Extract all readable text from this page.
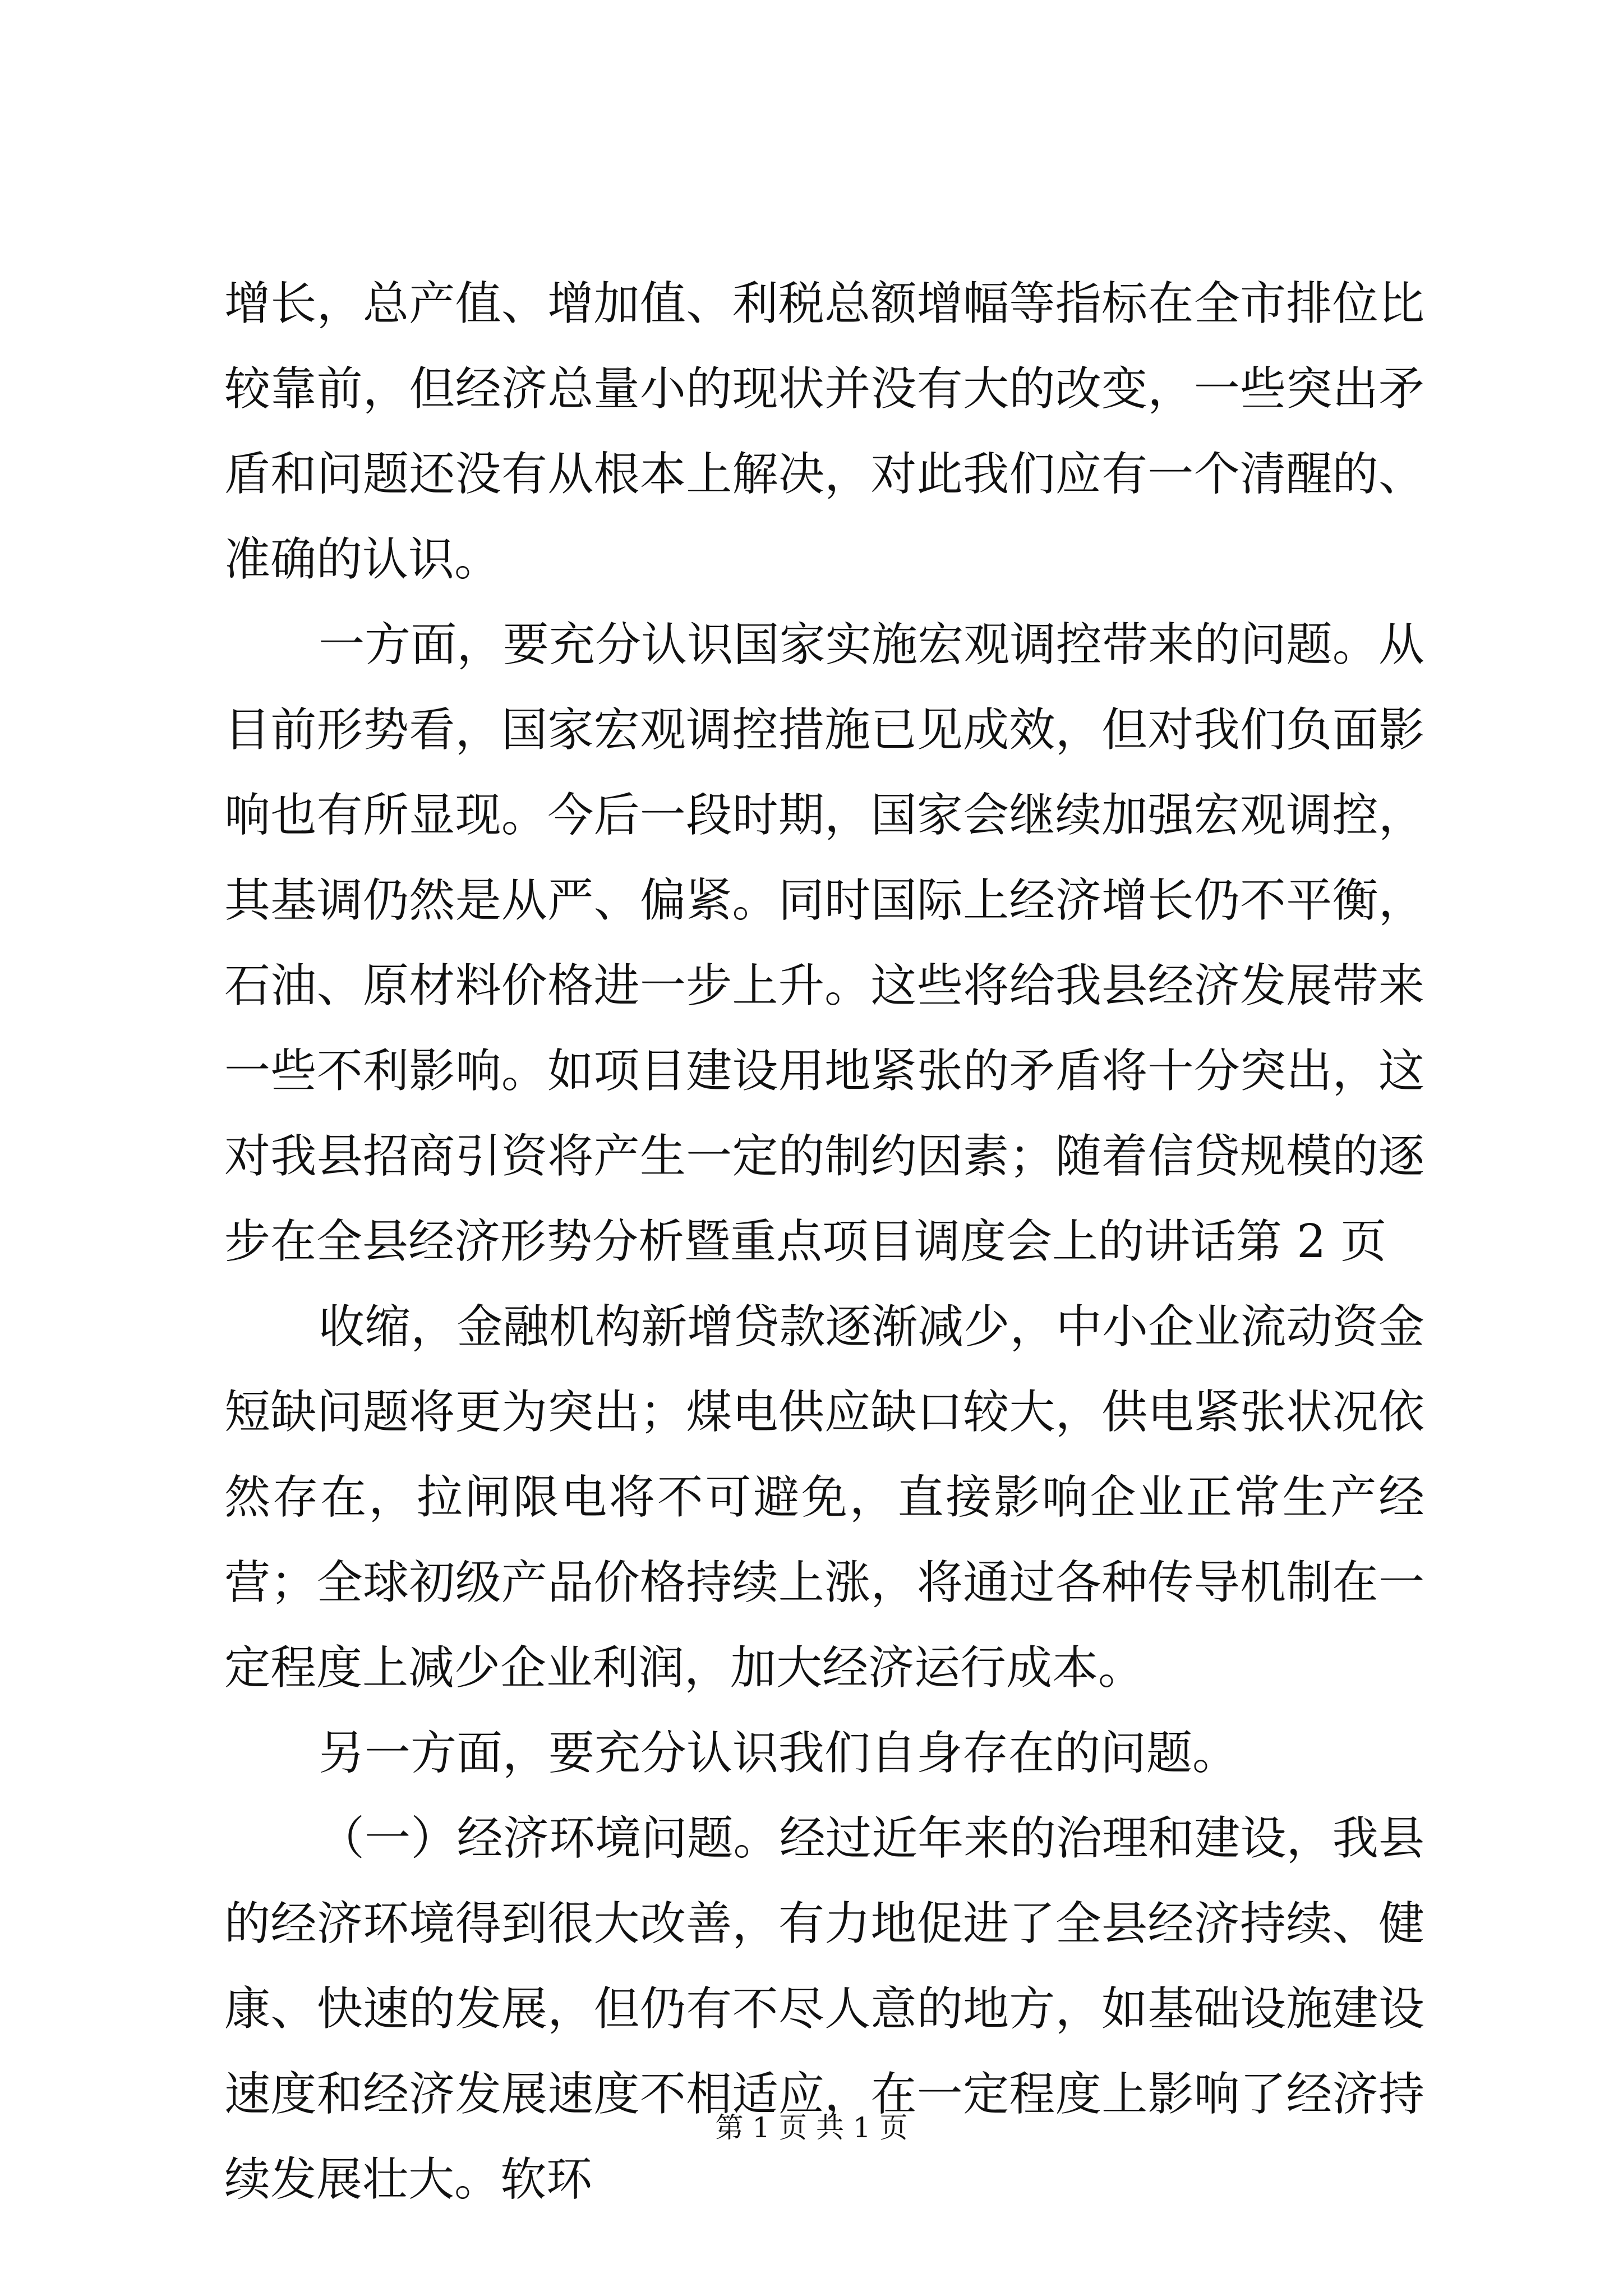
增长，总产值、增加值、利税总额增幅等指标在全市排位比较靠前，但经济总量小的现状并没有大的改变，一些突出矛盾和问题还没有从根本上解决，对此我们应有一个清醒的、准确的认识。

一方面，要充分认识国家实施宏观调控带来的问题。从目前形势看，国家宏观调控措施已见成效，但对我们负面影响也有所显现。今后一段时期，国家会继续加强宏观调控，其基调仍然是从严、偏紧。同时国际上经济增长仍不平衡，石油、原材料价格进一步上升。这些将给我县经济发展带来一些不利影响。如项目建设用地紧张的矛盾将十分突出，这对我县招商引资将产生一定的制约因素；随着信贷规模的逐步在全县经济形势分析暨重点项目调度会上的讲话第 2 页

收缩，金融机构新增贷款逐渐减少，中小企业流动资金短缺问题将更为突出；煤电供应缺口较大，供电紧张状况依然存在，拉闸限电将不可避免，直接影响企业正常生产经营；全球初级产品价格持续上涨，将通过各种传导机制在一定程度上减少企业利润，加大经济运行成本。

另一方面，要充分认识我们自身存在的问题。

（一）经济环境问题。经过近年来的治理和建设，我县的经济环境得到很大改善，有力地促进了全县经济持续、健康、快速的发展，但仍有不尽人意的地方，如基础设施建设速度和经济发展速度不相适应，在一定程度上影响了经济持续发展壮大。软环

第 1 页 共 1 页
